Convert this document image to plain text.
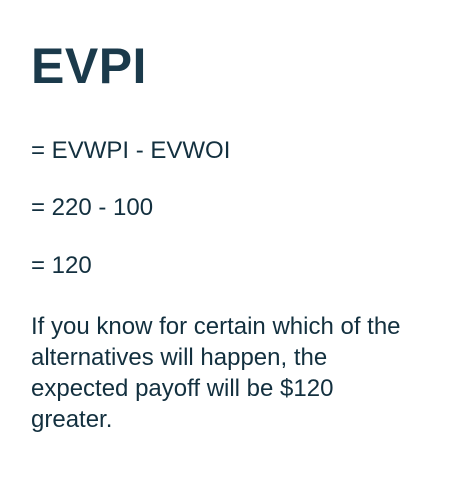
EVPI

= EVWPI - EVWOI

= 220 - 100

= 120

If you know for certain which of the alternatives will happen, the expected payoff will be $120 greater.
